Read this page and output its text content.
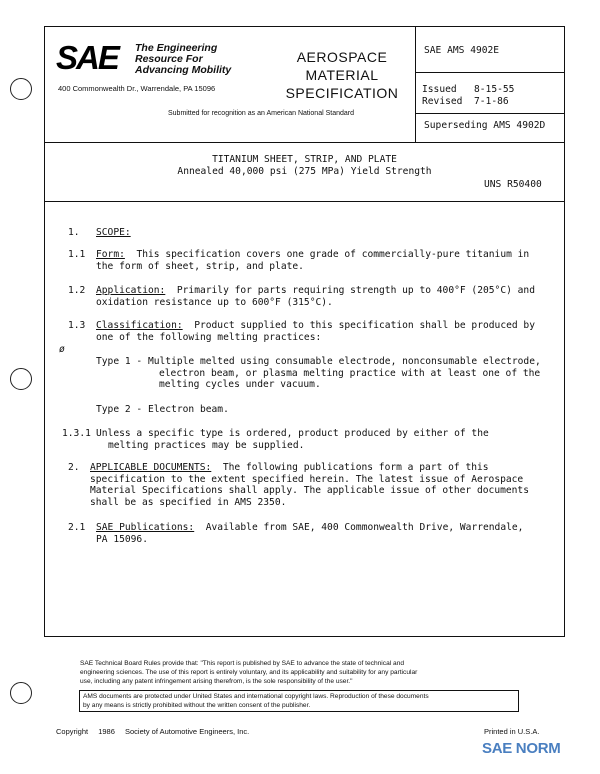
SAE The Engineering
Resource For
Advancing Mobility
400 Commonwealth Dr., Warrendale, PA 15096
AEROSPACE
MATERIAL
SPECIFICATION
Submitted for recognition as an American National Standard
SAE AMS 4902E
Issued 8-15-55
Revised 7-1-86
Superseding AMS 4902D
TITANIUM SHEET, STRIP, AND PLATE
Annealed 40,000 psi (275 MPa) Yield Strength
UNS R50400
1. SCOPE:
1.1 Form:  This specification covers one grade of commercially-pure titanium in
the form of sheet, strip, and plate.
1.2 Application:  Primarily for parts requiring strength up to 400°F (205°C) and
oxidation resistance up to 600°F (315°C).
1.3 Classification:  Product supplied to this specification shall be produced by
one of the following melting practices:
ø
Type 1 - Multiple melted using consumable electrode, nonconsumable electrode,
electron beam, or plasma melting practice with at least one of the
melting cycles under vacuum.
Type 2 - Electron beam.
1.3.1 Unless a specific type is ordered, product produced by either of the
melting practices may be supplied.
2. APPLICABLE DOCUMENTS:  The following publications form a part of this
specification to the extent specified herein. The latest issue of Aerospace
Material Specifications shall apply. The applicable issue of other documents
shall be as specified in AMS 2350.
2.1 SAE Publications:  Available from SAE, 400 Commonwealth Drive, Warrendale,
PA 15096.
SAE Technical Board Rules provide that: "This report is published by SAE to advance the state of technical and
engineering sciences. The use of this report is entirely voluntary, and its applicability and suitability for any particular
use, including any patent infringement arising therefrom, is the sole responsibility of the user."
AMS documents are protected under United States and international copyright laws. Reproduction of these documents
by any means is strictly prohibited without the written consent of the publisher.
Copyright 1986 Society of Automotive Engineers, Inc.	Printed in U.S.A.
SAE NORM
